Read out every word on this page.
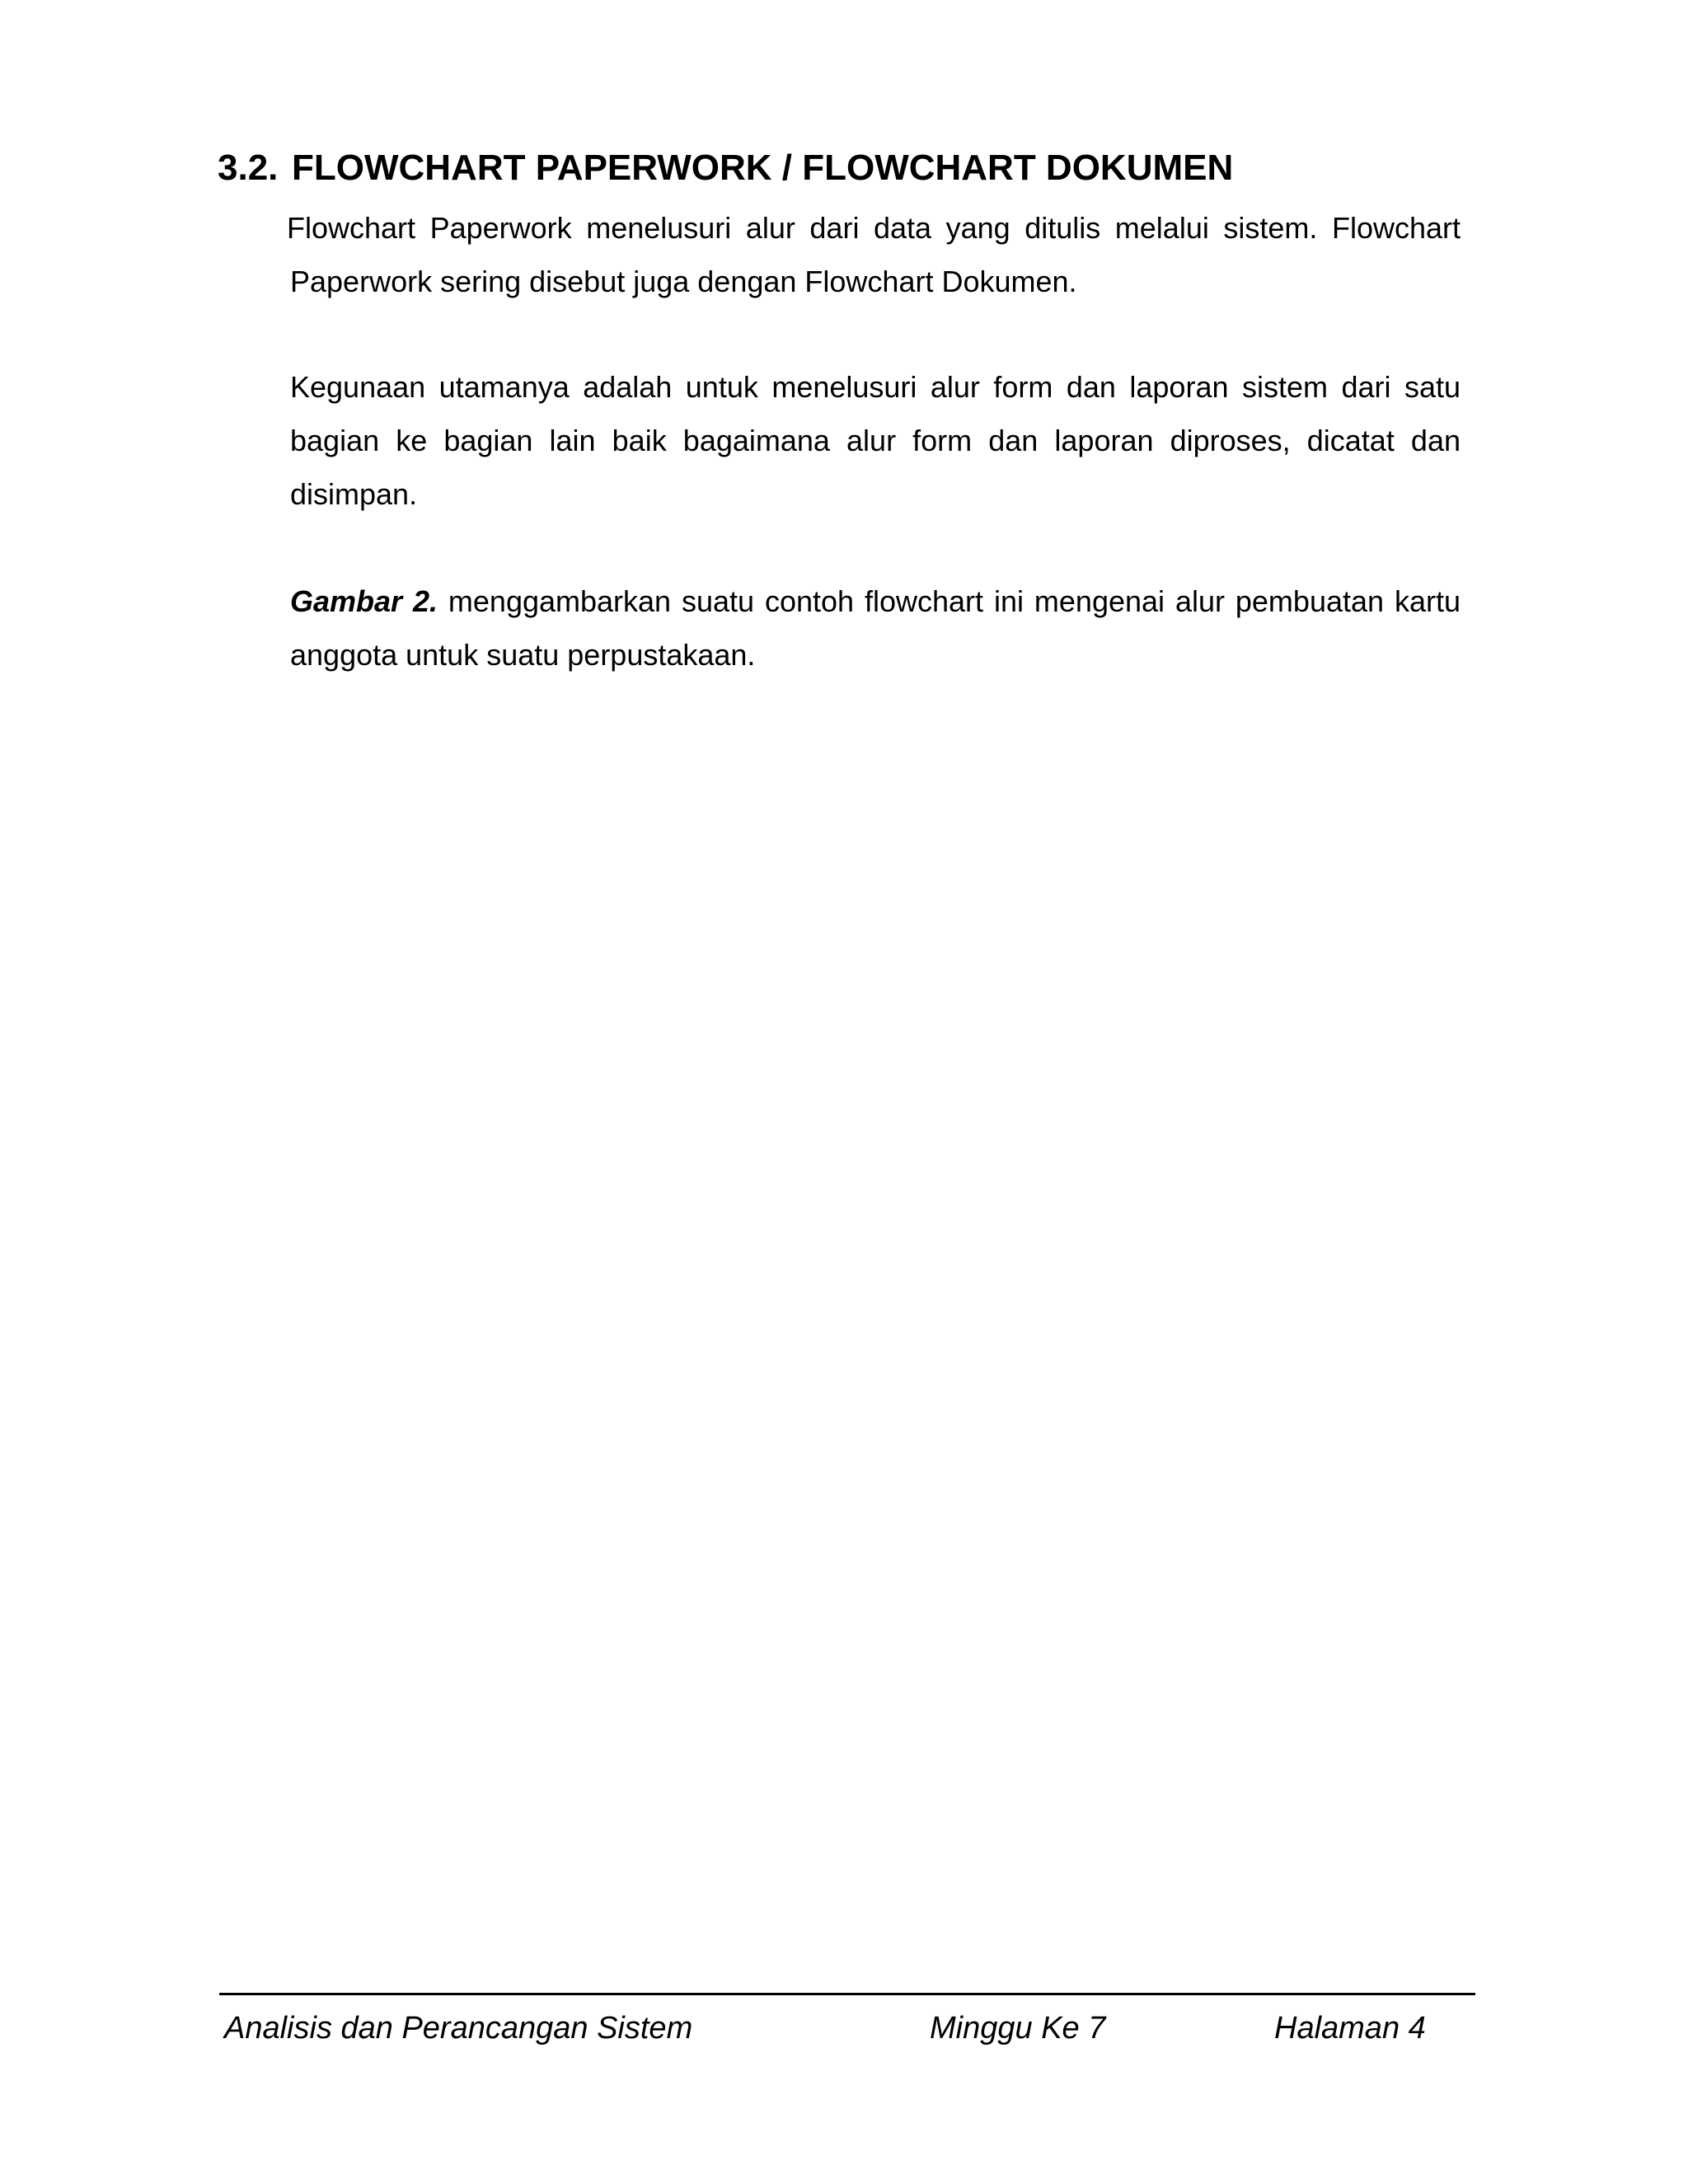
3.2. FLOWCHART PAPERWORK / FLOWCHART DOKUMEN
Flowchart Paperwork menelusuri alur dari data yang ditulis melalui sistem. Flowchart Paperwork sering disebut juga dengan Flowchart Dokumen.
Kegunaan utamanya adalah untuk menelusuri alur form dan laporan sistem dari satu bagian ke bagian lain baik bagaimana alur form dan laporan diproses, dicatat dan disimpan.
Gambar 2. menggambarkan suatu contoh flowchart ini mengenai alur pembuatan kartu anggota untuk suatu perpustakaan.
Analisis dan Perancangan Sistem	Minggu Ke 7	Halaman 4
